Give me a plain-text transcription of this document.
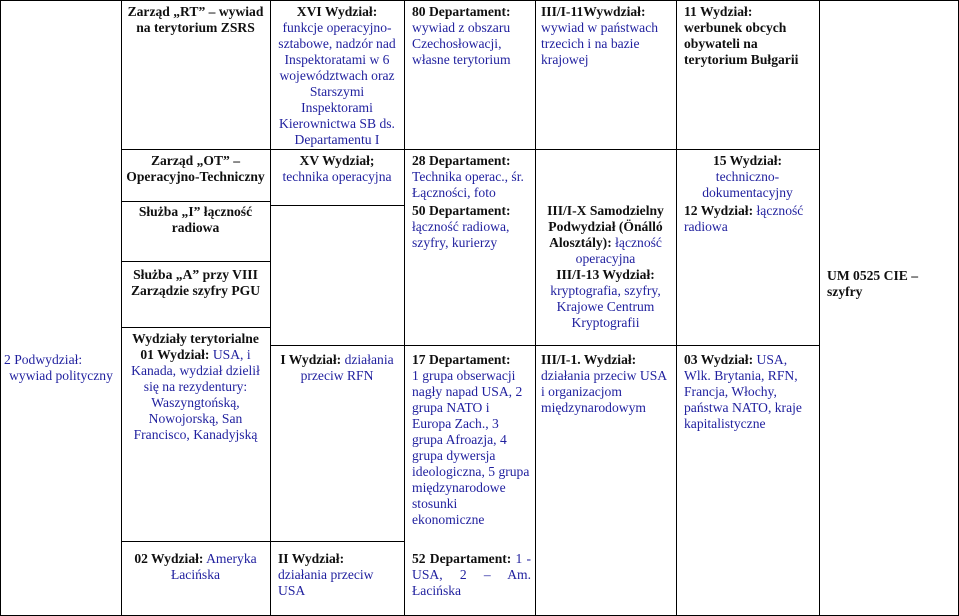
2 Podwydział:
wywiad polityczny
Zarząd „RT” – wywiad na terytorium ZSRS
Zarząd „OT” – Operacyjno-Techniczny
Służba „I” łączność radiowa
Służba „A” przy VIII Zarządzie szyfry PGU
Wydziały terytorialne
01 Wydział: USA, i Kanada, wydział dzielił się na rezydentury: Waszyngtońską, Nowojorską, San Francisco, Kanadyjską
02 Wydział: Ameryka Łacińska
XVI Wydział:
funkcje operacyjno-sztabowe, nadzór nad Inspektoratami w 6 województwach oraz Starszymi Inspektorami Kierownictwa SB ds. Departamentu I
XV Wydział;
technika operacyjna
I Wydział: działania przeciw RFN
II Wydział:
działania przeciw USA
80 Departament:
wywiad z obszaru Czechosłowacji, własne terytorium
28 Departament:
Technika operac., śr. Łączności, foto
50 Departament:
łączność radiowa, szyfry, kurierzy
17 Departament:
1 grupa obserwacji nagły napad USA, 2 grupa NATO i Europa Zach., 3 grupa Afroazja, 4 grupa dywersja ideologiczna, 5 grupa międzynarodowe stosunki ekonomiczne
52 Departament: 1 - USA, 2 – Am. Łacińska
III/I-11Wywdział:
wywiad w państwach trzecich i na bazie krajowej
III/I-X Samodzielny Podwydział (Önálló Alosztály): łączność operacyjna
III/I-13 Wydział:
kryptografia, szyfry, Krajowe Centrum Kryptografii
III/I-1. Wydział:
działania przeciw USA i organizacjom międzynarodowym
11 Wydział:
werbunek obcych obywateli na terytorium Bułgarii
15 Wydział:
techniczno-dokumentacyjny
12 Wydział: łączność radiowa
03 Wydział: USA, Wlk. Brytania, RFN, Francja, Włochy, państwa NATO, kraje kapitalistyczne
UM 0525 CIE – szyfry
